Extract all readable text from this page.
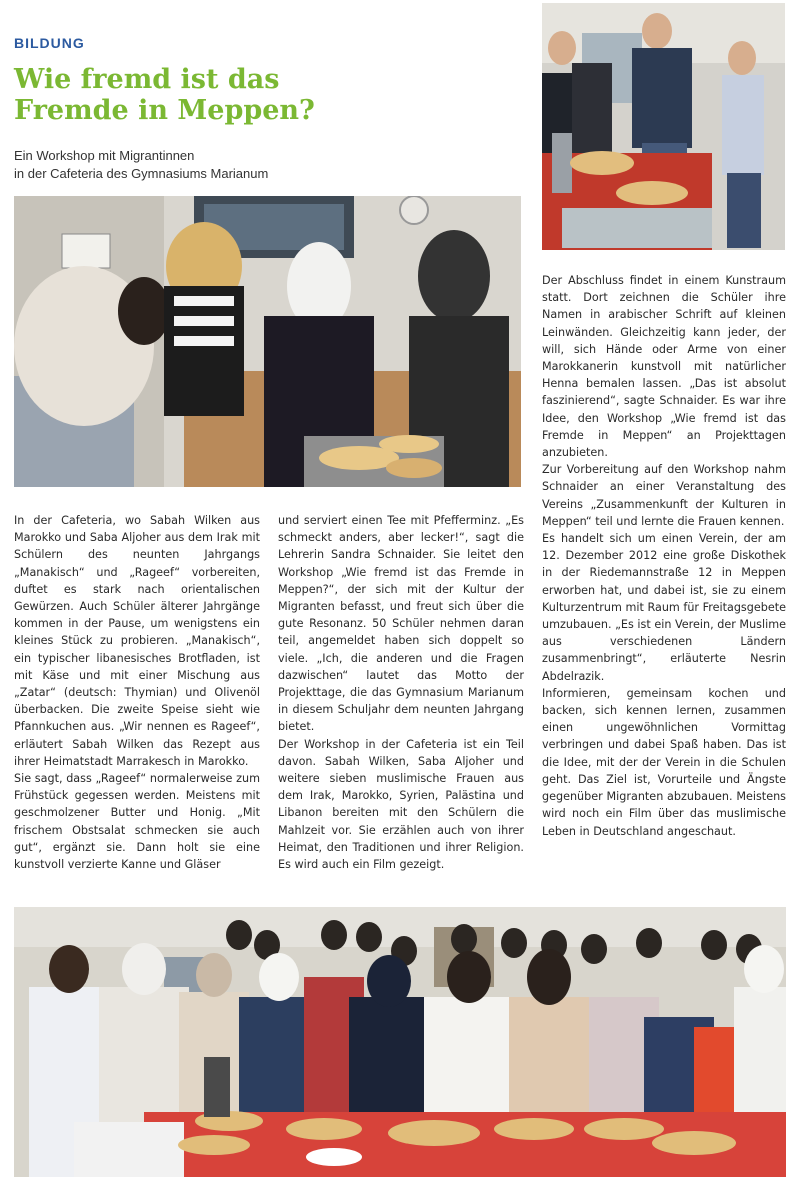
BILDUNG
Wie fremd ist das
Fremde in Meppen?
Ein Workshop mit Migrantinnen
in der Cafeteria des Gymnasiums Marianum

In der Cafeteria, wo Sabah Wilken aus Marokko und Saba Aljoher aus dem Irak mit Schülern des neunten Jahrgangs „Manakisch“ und „Rageef“ vorbereiten, duftet es stark nach orientalischen Gewürzen. Auch Schüler älterer Jahrgänge kommen in der Pause, um wenigstens ein kleines Stück zu probieren. „Manakisch“, ein typischer libanesisches Brotfladen, ist mit Käse und mit einer Mischung aus „Zatar“ (deutsch: Thymian) und Olivenöl überbacken. Die zweite Speise sieht wie Pfannkuchen aus. „Wir nennen es Rageef“, erläutert Sabah Wilken das Rezept aus ihrer Heimatstadt Marrakesch in Marokko.

Sie sagt, dass „Rageef“ normalerweise zum Frühstück gegessen werden. Meistens mit geschmolzener Butter und Honig. „Mit frischem Obstsalat schmecken sie auch gut“, ergänzt sie. Dann holt sie eine kunstvoll verzierte Kanne und Gläser

und serviert einen Tee mit Pfefferminz. „Es schmeckt anders, aber lecker!“, sagt die Lehrerin Sandra Schnaider. Sie leitet den Workshop „Wie fremd ist das Fremde in Meppen?“, der sich mit der Kultur der Migranten befasst, und freut sich über die gute Resonanz. 50 Schüler nehmen daran teil, angemeldet haben sich doppelt so viele. „Ich, die anderen und die Fragen dazwischen“ lautet das Motto der Projekttage, die das Gymnasium Marianum in diesem Schuljahr dem neunten Jahrgang bietet.

Der Workshop in der Cafeteria ist ein Teil davon. Sabah Wilken, Saba Aljoher und weitere sieben muslimische Frauen aus dem Irak, Marokko, Syrien, Palästina und Libanon bereiten mit den Schülern die Mahlzeit vor. Sie erzählen auch von ihrer Heimat, den Traditionen und ihrer Religion. Es wird auch ein Film gezeigt.

Der Abschluss findet in einem Kunstraum statt. Dort zeichnen die Schüler ihre Namen in arabischer Schrift auf kleinen Leinwänden. Gleichzeitig kann jeder, der will, sich Hände oder Arme von einer Marokkanerin kunstvoll mit natürlicher Henna bemalen lassen. „Das ist absolut faszinierend“, sagte Schnaider. Es war ihre Idee, den Workshop „Wie fremd ist das Fremde in Meppen“ an Projekttagen anzubieten.

Zur Vorbereitung auf den Workshop nahm Schnaider an einer Veranstaltung des Vereins „Zusammenkunft der Kulturen in Meppen“ teil und lernte die Frauen kennen.

Es handelt sich um einen Verein, der am 12. Dezember 2012 eine große Diskothek in der Riedemannstraße 12 in Meppen erworben hat, und dabei ist, sie zu einem Kulturzentrum mit Raum für Freitagsgebete umzubauen. „Es ist ein Verein, der Muslime aus verschiedenen Ländern zusammenbringt“, erläuterte Nesrin Abdelrazik.

Informieren, gemeinsam kochen und backen, sich kennen lernen, zusammen einen ungewöhnlichen Vormittag verbringen und dabei Spaß haben. Das ist die Idee, mit der der Verein in die Schulen geht. Das Ziel ist, Vorurteile und Ängste gegenüber Migranten abzubauen. Meistens wird noch ein Film über das muslimische Leben in Deutschland angeschaut.
